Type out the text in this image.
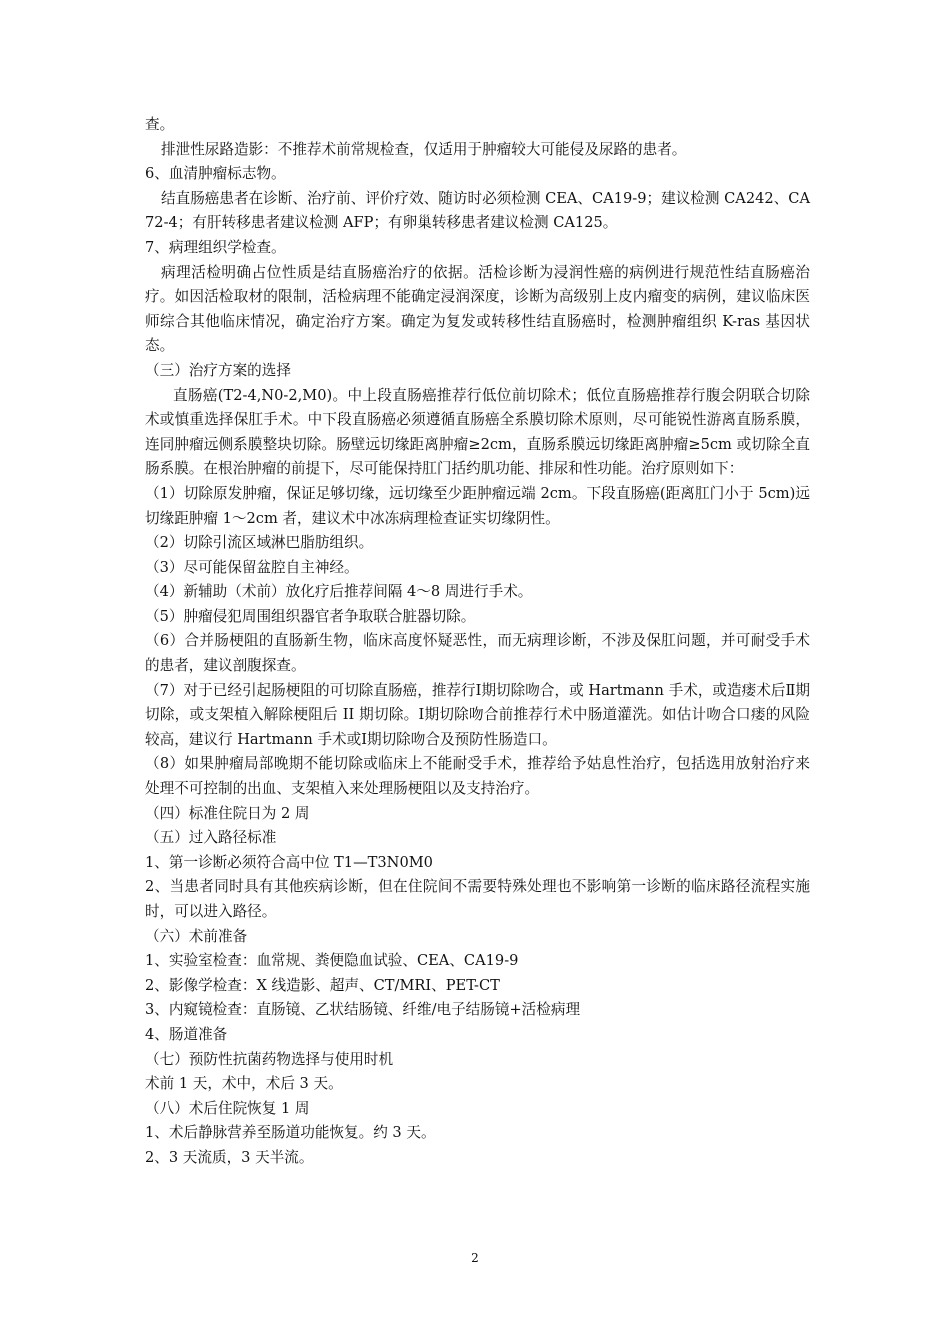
查。

排泄性尿路造影：不推荐术前常规检查，仅适用于肿瘤较大可能侵及尿路的患者。

6、血清肿瘤标志物。

结直肠癌患者在诊断、治疗前、评价疗效、随访时必须检测 CEA、CA19-9；建议检测 CA242、CA72-4；有肝转移患者建议检测 AFP；有卵巢转移患者建议检测 CA125。

7、病理组织学检查。

病理活检明确占位性质是结直肠癌治疗的依据。活检诊断为浸润性癌的病例进行规范性结直肠癌治疗。如因活检取材的限制，活检病理不能确定浸润深度，诊断为高级别上皮内瘤变的病例，建议临床医师综合其他临床情况，确定治疗方案。确定为复发或转移性结直肠癌时，检测肿瘤组织 K-ras 基因状态。

（三）治疗方案的选择

直肠癌(T2-4,N0-2,M0)。中上段直肠癌推荐行低位前切除术；低位直肠癌推荐行腹会阴联合切除术或慎重选择保肛手术。中下段直肠癌必须遵循直肠癌全系膜切除术原则，尽可能锐性游离直肠系膜，连同肿瘤远侧系膜整块切除。肠壁远切缘距离肿瘤≥2cm，直肠系膜远切缘距离肿瘤≥5cm 或切除全直肠系膜。在根治肿瘤的前提下，尽可能保持肛门括约肌功能、排尿和性功能。治疗原则如下：

（1）切除原发肿瘤，保证足够切缘，远切缘至少距肿瘤远端 2cm。下段直肠癌(距离肛门小于 5cm)远切缘距肿瘤 1～2cm 者，建议术中冰冻病理检查证实切缘阴性。

（2）切除引流区域淋巴脂肪组织。

（3）尽可能保留盆腔自主神经。

（4）新辅助（术前）放化疗后推荐间隔 4～8 周进行手术。

（5）肿瘤侵犯周围组织器官者争取联合脏器切除。

（6）合并肠梗阻的直肠新生物，临床高度怀疑恶性，而无病理诊断，不涉及保肛问题，并可耐受手术的患者，建议剖腹探查。

（7）对于已经引起肠梗阻的可切除直肠癌，推荐行Ⅰ期切除吻合，或 Hartmann 手术，或造瘘术后Ⅱ期切除，或支架植入解除梗阻后 II 期切除。Ⅰ期切除吻合前推荐行术中肠道灌洗。如估计吻合口瘘的风险较高，建议行 Hartmann 手术或Ⅰ期切除吻合及预防性肠造口。

（8）如果肿瘤局部晚期不能切除或临床上不能耐受手术，推荐给予姑息性治疗，包括选用放射治疗来处理不可控制的出血、支架植入来处理肠梗阻以及支持治疗。

（四）标准住院日为 2 周

（五）过入路径标准

1、第一诊断必须符合高中位 T1—T3N0M0

2、当患者同时具有其他疾病诊断，但在住院间不需要特殊处理也不影响第一诊断的临床路径流程实施时，可以进入路径。

（六）术前准备

1、实验室检查：血常规、粪便隐血试验、CEA、CA19-9

2、影像学检查：X 线造影、超声、CT/MRI、PET-CT

3、内窥镜检查：直肠镜、乙状结肠镜、纤维/电子结肠镜+活检病理

4、肠道准备

（七）预防性抗菌药物选择与使用时机

术前 1 天，术中，术后 3 天。

（八）术后住院恢复 1 周

1、术后静脉营养至肠道功能恢复。约 3 天。

2、3 天流质，3 天半流。

2
